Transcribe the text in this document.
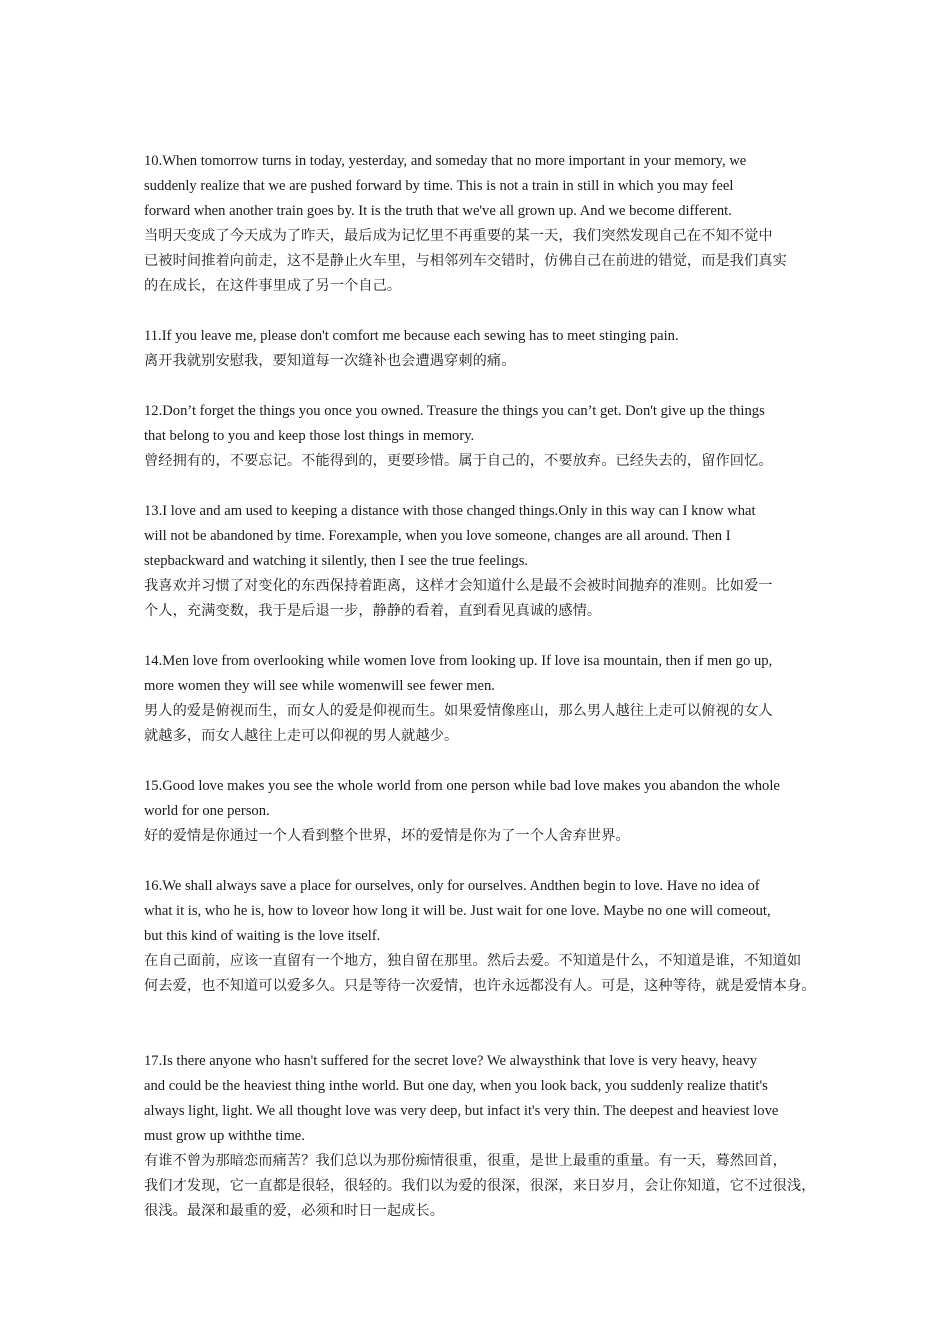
10.When tomorrow turns in today, yesterday, and someday that no more important in your memory, we
suddenly realize that we are pushed forward by time. This is not a train in still in which you may feel
forward when another train goes by. It is the truth that we've all grown up. And we become different.
当明天变成了今天成为了昨天，最后成为记忆里不再重要的某一天，我们突然发现自己在不知不觉中
已被时间推着向前走，这不是静止火车里，与相邻列车交错时，仿佛自己在前进的错觉，而是我们真实
的在成长，在这件事里成了另一个自己。
11.If you leave me, please don't comfort me because each sewing has to meet stinging pain.
离开我就别安慰我，要知道每一次缝补也会遭遇穿刺的痛。
12.Don’t forget the things you once you owned. Treasure the things you can’t get. Don't give up the things
that belong to you and keep those lost things in memory.
曾经拥有的，不要忘记。不能得到的，更要珍惜。属于自己的，不要放弃。已经失去的，留作回忆。
13.I love and am used to keeping a distance with those changed things.Only in this way can I know what
will not be abandoned by time. Forexample, when you love someone, changes are all around. Then I
stepbackward and watching it silently, then I see the true feelings.
我喜欢并习惯了对变化的东西保持着距离，这样才会知道什么是最不会被时间抛弃的准则。比如爱一
个人，充满变数，我于是后退一步，静静的看着，直到看见真诚的感情。
14.Men love from overlooking while women love from looking up. If love isa mountain, then if men go up,
more women they will see while womenwill see fewer men.
男人的爱是俯视而生，而女人的爱是仰视而生。如果爱情像座山，那么男人越往上走可以俯视的女人
就越多，而女人越往上走可以仰视的男人就越少。
15.Good love makes you see the whole world from one person while bad love makes you abandon the whole
world for one person.
好的爱情是你通过一个人看到整个世界，坏的爱情是你为了一个人舍弃世界。
16.We shall always save a place for ourselves, only for ourselves. Andthen begin to love. Have no idea of
what it is, who he is, how to loveor how long it will be. Just wait for one love. Maybe no one will comeout,
but this kind of waiting is the love itself.
在自己面前，应该一直留有一个地方，独自留在那里。然后去爱。不知道是什么，不知道是谁，不知道如
何去爱，也不知道可以爱多久。只是等待一次爱情，也许永远都没有人。可是，这种等待，就是爱情本身。
17.Is there anyone who hasn't suffered for the secret love? We alwaysthink that love is very heavy, heavy
and could be the heaviest thing inthe world. But one day, when you look back, you suddenly realize thatit's
always light, light. We all thought love was very deep, but infact it's very thin. The deepest and heaviest love
must grow up withthe time.
有谁不曾为那暗恋而痛苦？我们总以为那份痴情很重，很重，是世上最重的重量。有一天，蓦然回首，
我们才发现，它一直都是很轻，很轻的。我们以为爱的很深，很深，来日岁月，会让你知道，它不过很浅，
很浅。最深和最重的爱，必须和时日一起成长。
